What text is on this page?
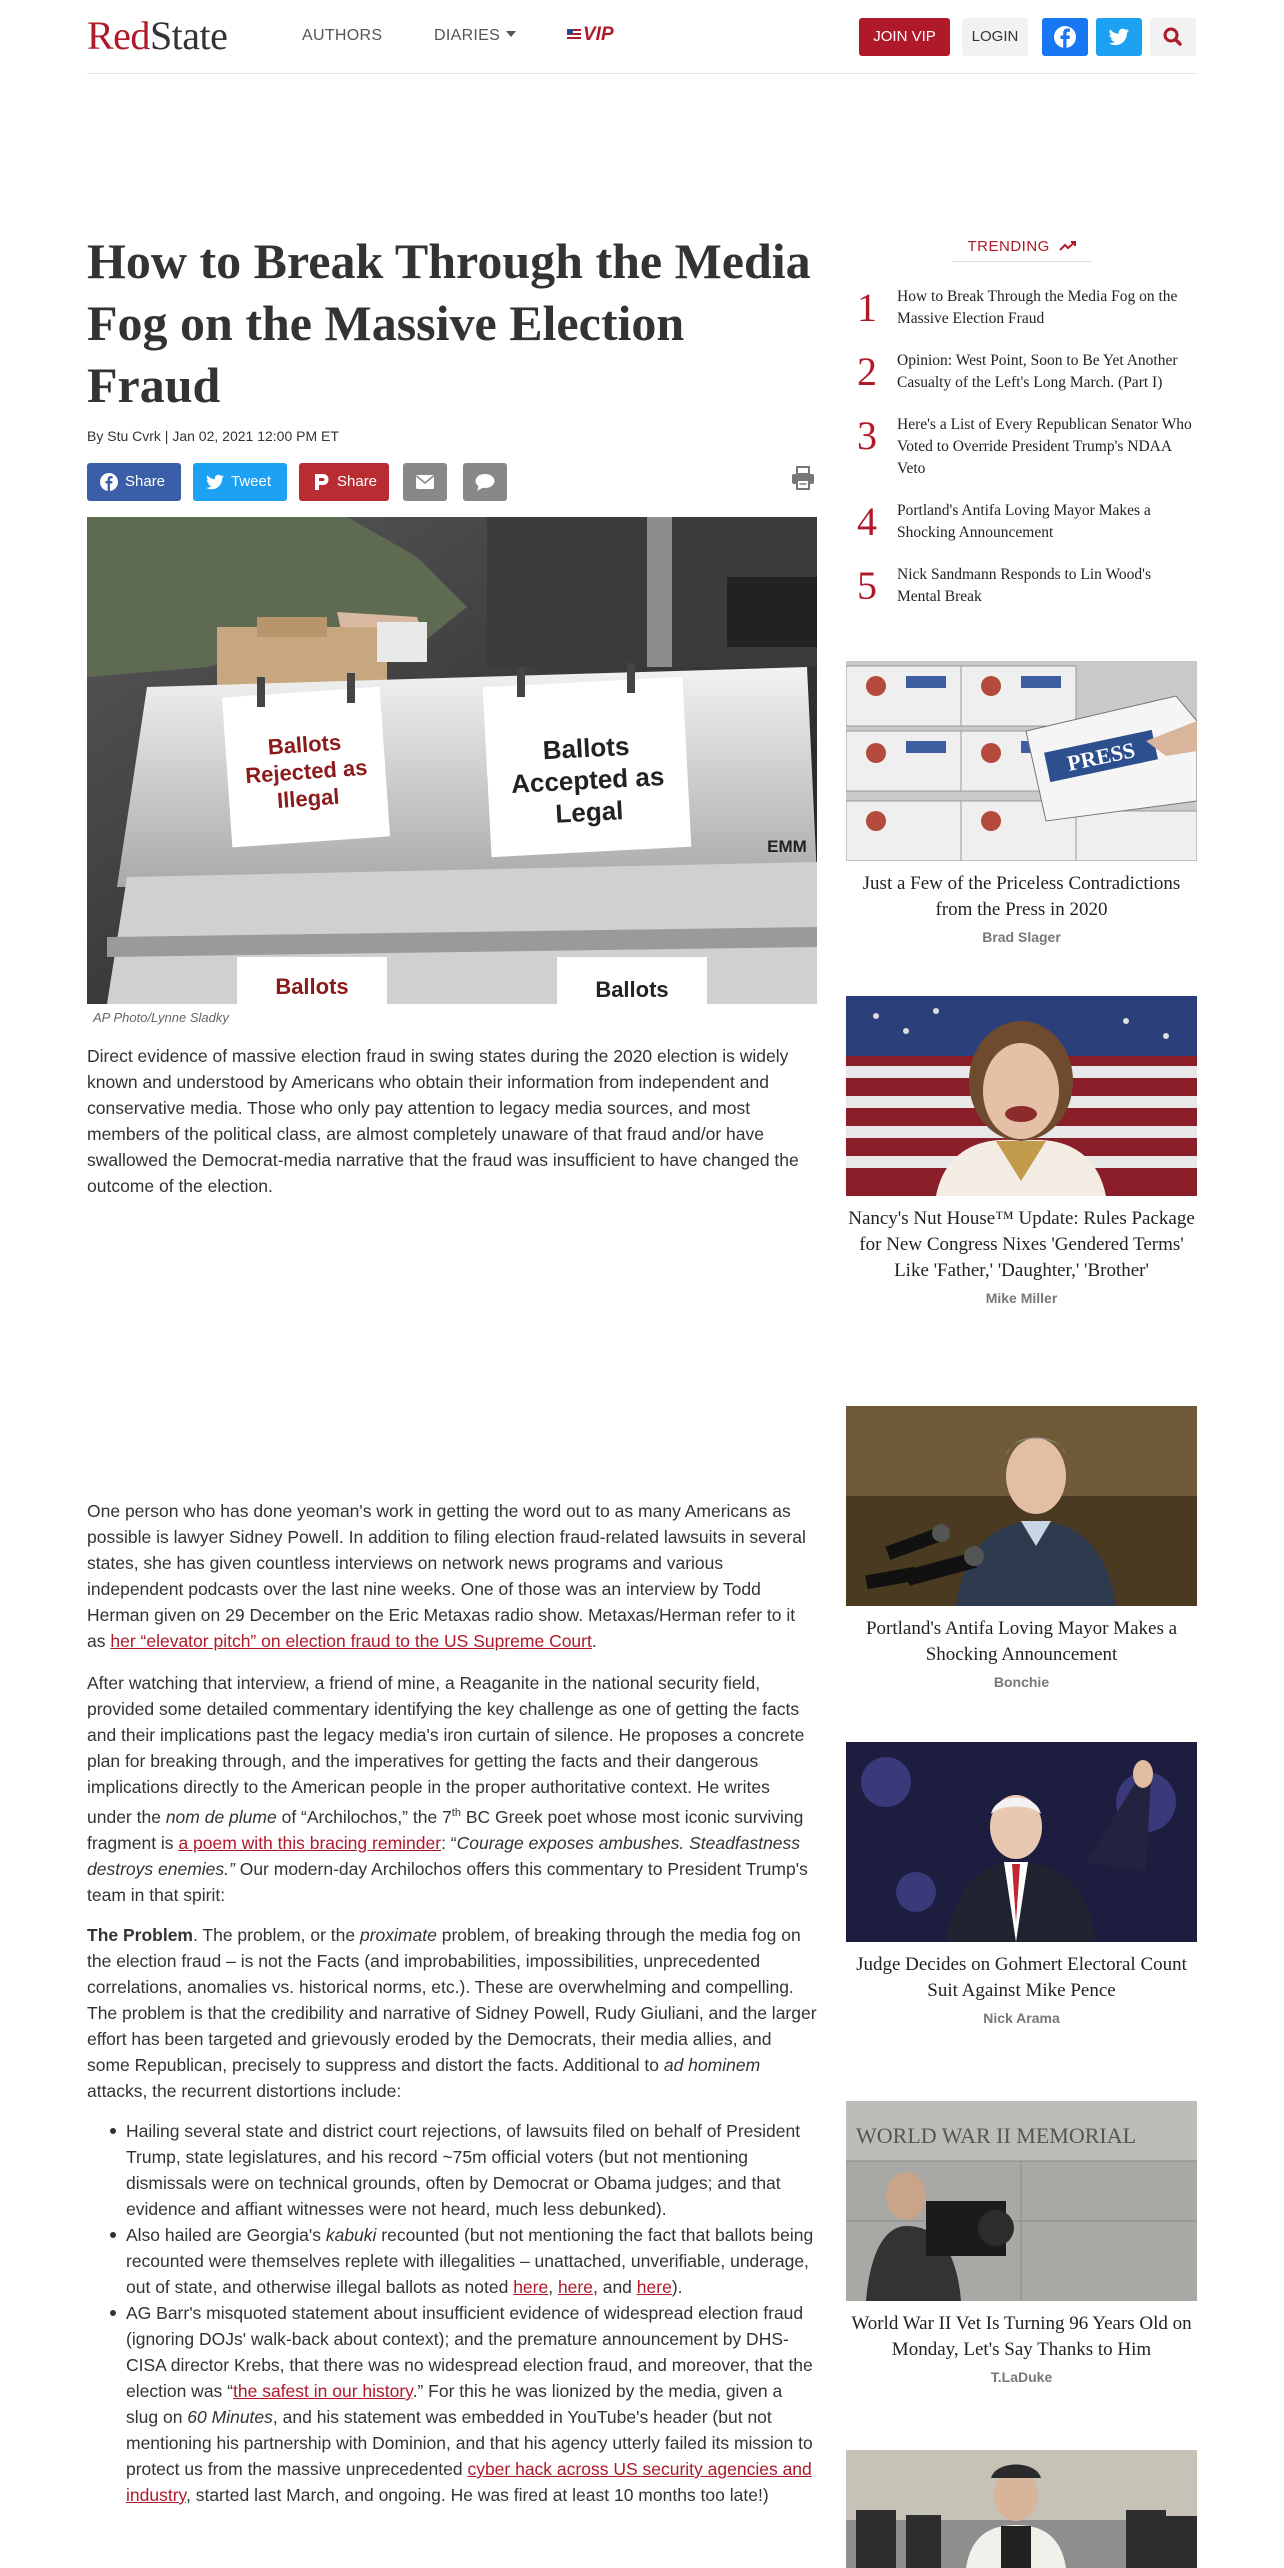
RedState	AUTHORS	DIARIES	VIP	JOIN VIP	LOGIN
How to Break Through the Media Fog on the Massive Election Fraud
By Stu Cvrk | Jan 02, 2021 12:00 PM ET
Share	Tweet	Share
Ballots
Rejected as
Illegal
Ballots
Accepted as
Legal
EMM
Ballots	Ballots
AP Photo/Lynne Sladky

Direct evidence of massive election fraud in swing states during the 2020 election is widely known and understood by Americans who obtain their information from independent and conservative media. Those who only pay attention to legacy media sources, and most members of the political class, are almost completely unaware of that fraud and/or have swallowed the Democrat-media narrative that the fraud was insufficient to have changed the outcome of the election.

One person who has done yeoman's work in getting the word out to as many Americans as possible is lawyer Sidney Powell. In addition to filing election fraud-related lawsuits in several states, she has given countless interviews on network news programs and various independent podcasts over the last nine weeks. One of those was an interview by Todd Herman given on 29 December on the Eric Metaxas radio show. Metaxas/Herman refer to it as her “elevator pitch” on election fraud to the US Supreme Court.

After watching that interview, a friend of mine, a Reaganite in the national security field, provided some detailed commentary identifying the key challenge as one of getting the facts and their implications past the legacy media's iron curtain of silence. He proposes a concrete plan for breaking through, and the imperatives for getting the facts and their dangerous implications directly to the American people in the proper authoritative context. He writes under the nom de plume of “Archilochos,” the 7th BC Greek poet whose most iconic surviving fragment is a poem with this bracing reminder: “Courage exposes ambushes. Steadfastness destroys enemies.” Our modern-day Archilochos offers this commentary to President Trump's team in that spirit:

The Problem. The problem, or the proximate problem, of breaking through the media fog on the election fraud – is not the Facts (and improbabilities, impossibilities, unprecedented correlations, anomalies vs. historical norms, etc.). These are overwhelming and compelling. The problem is that the credibility and narrative of Sidney Powell, Rudy Giuliani, and the larger effort has been targeted and grievously eroded by the Democrats, their media allies, and some Republican, precisely to suppress and distort the facts. Additional to ad hominem attacks, the recurrent distortions include:

Hailing several state and district court rejections, of lawsuits filed on behalf of President Trump, state legislatures, and his record ~75m official voters (but not mentioning dismissals were on technical grounds, often by Democrat or Obama judges; and that evidence and affiant witnesses were not heard, much less debunked).
Also hailed are Georgia's kabuki recounted (but not mentioning the fact that ballots being recounted were themselves replete with illegalities – unattached, unverifiable, underage, out of state, and otherwise illegal ballots as noted here, here, and here).
AG Barr's misquoted statement about insufficient evidence of widespread election fraud (ignoring DOJs' walk-back about context); and the premature announcement by DHS-CISA director Krebs, that there was no widespread election fraud, and moreover, that the election was “the safest in our history.” For this he was lionized by the media, given a slug on 60 Minutes, and his statement was embedded in YouTube's header (but not mentioning his partnership with Dominion, and that his agency utterly failed its mission to protect us from the massive unprecedented cyber hack across US security agencies and industry, started last March, and ongoing. He was fired at least 10 months too late!)
TRENDING
1 How to Break Through the Media Fog on the Massive Election Fraud
2 Opinion: West Point, Soon to Be Yet Another Casualty of the Left's Long March. (Part I)
3 Here's a List of Every Republican Senator Who Voted to Override President Trump's NDAA Veto
4 Portland's Antifa Loving Mayor Makes a Shocking Announcement
5 Nick Sandmann Responds to Lin Wood's Mental Break
PRESS
Just a Few of the Priceless Contradictions from the Press in 2020
Brad Slager
Nancy's Nut House™ Update: Rules Package for New Congress Nixes 'Gendered Terms' Like 'Father,' 'Daughter,' 'Brother'
Mike Miller
Portland's Antifa Loving Mayor Makes a Shocking Announcement
Bonchie
Judge Decides on Gohmert Electoral Count Suit Against Mike Pence
Nick Arama
WORLD WAR II MEMORIAL
World War II Vet Is Turning 96 Years Old on Monday, Let's Say Thanks to Him
T.LaDuke
